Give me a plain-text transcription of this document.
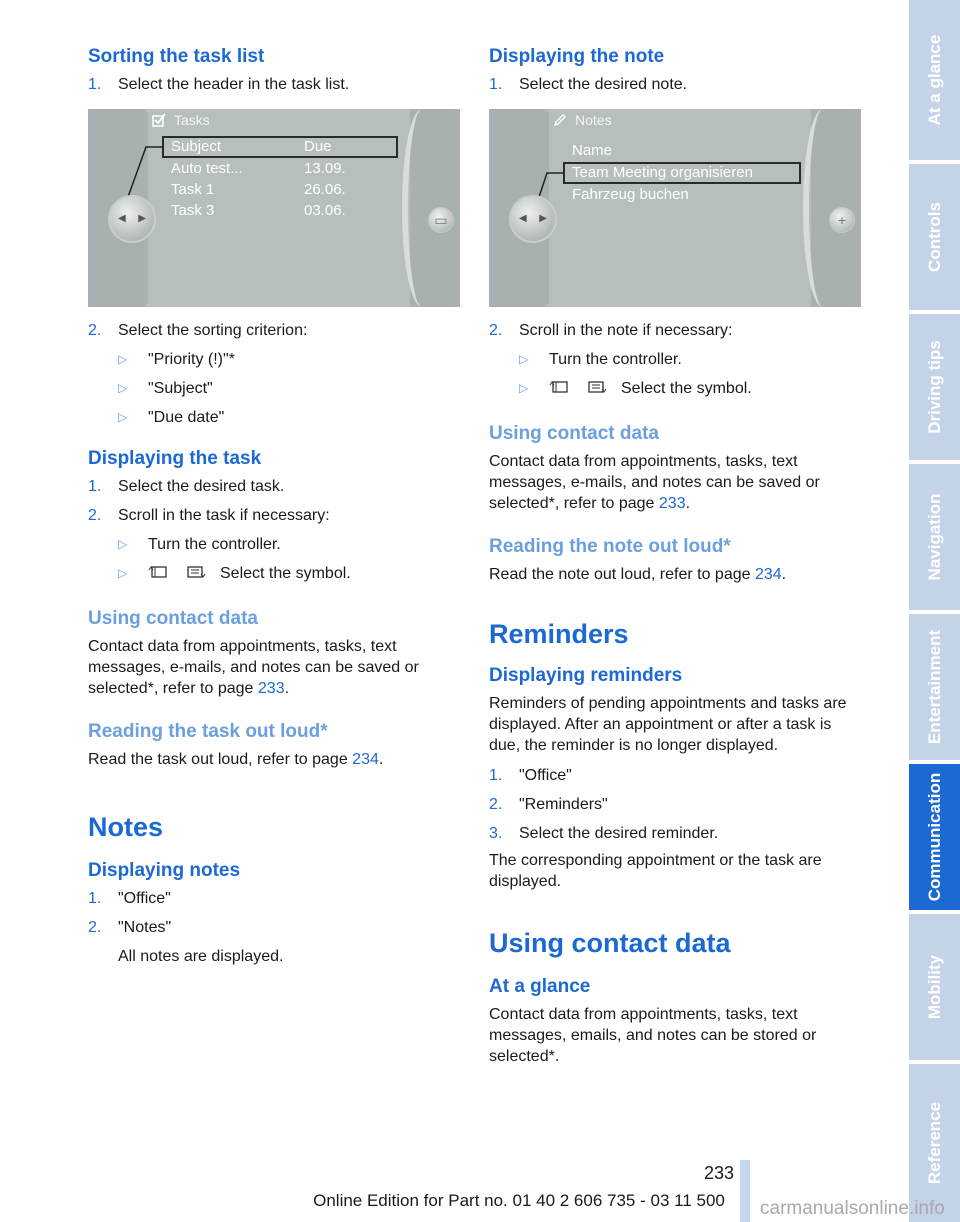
Sorting the task list
1.	Select the header in the task list.
Tasks
Subject	Due
Auto test...	13.09.
Task 1	26.06.
Task 3	03.06.
◀ ▶	▭
2.	Select the sorting criterion:
▷	"Priority (!)"*
▷	"Subject"
▷	"Due date"
Displaying the task
1.	Select the desired task.
2.	Scroll in the task if necessary:
▷	Turn the controller.
▷	Select the symbol.
Using contact data

Contact data from appointments, tasks, text messages, e-mails, and notes can be saved or selected*, refer to page 233.

Reading the task out loud*

Read the task out loud, refer to page 234.

Notes
Displaying notes
1.	"Office"
2.	"Notes"

All notes are displayed.

Displaying the note
1.	Select the desired note.
Notes
Name
Team Meeting organisieren
Fahrzeug buchen
◀ ▶	+
2.	Scroll in the note if necessary:
▷	Turn the controller.
▷	Select the symbol.
Using contact data

Contact data from appointments, tasks, text messages, e-mails, and notes can be saved or selected*, refer to page 233.

Reading the note out loud*

Read the note out loud, refer to page 234.

Reminders
Displaying reminders

Reminders of pending appointments and tasks are displayed. After an appointment or after a task is due, the reminder is no longer displayed.

1.	"Office"
2.	"Reminders"
3.	Select the desired reminder.

The corresponding appointment or the task are displayed.

Using contact data
At a glance

Contact data from appointments, tasks, text messages, emails, and notes can be stored or selected*.

At a glance
Controls
Driving tips
Navigation
Entertainment
Communication
Mobility
Reference
233
Online Edition for Part no. 01 40 2 606 735 - 03 11 500	carmanualsonline.info
